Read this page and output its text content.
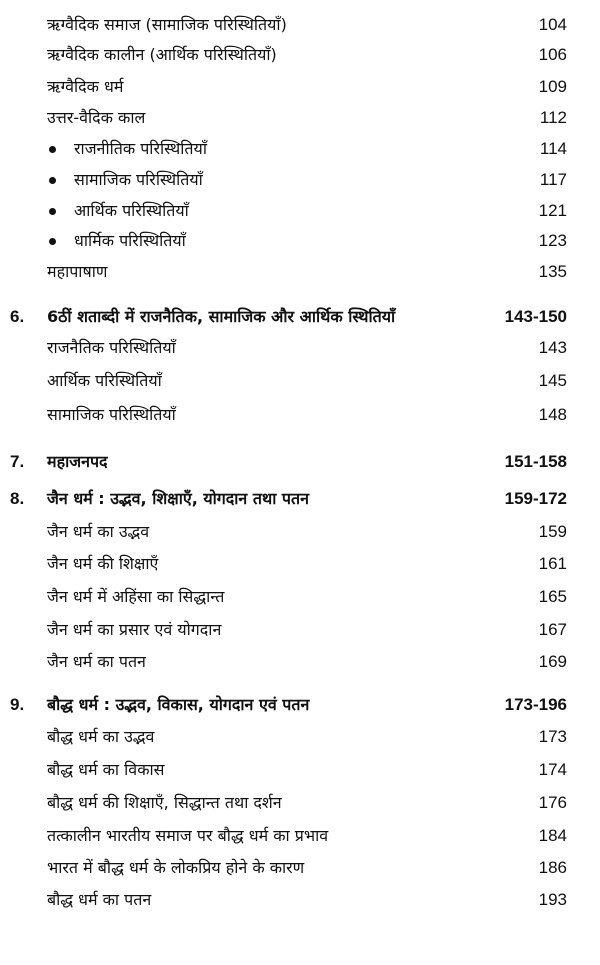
ऋग्वैदिक समाज (सामाजिक परिस्थितियाँ)	104
ऋग्वैदिक कालीन (आर्थिक परिस्थितियाँ)	106
ऋग्वैदिक धर्म	109
उत्तर-वैदिक काल	112
राजनीतिक परिस्थितियाँ	114
सामाजिक परिस्थितियाँ	117
आर्थिक परिस्थितियाँ	121
धार्मिक परिस्थितियाँ	123
महापाषाण	135
6. 6ठीं शताब्दी में राजनैतिक, सामाजिक और आर्थिक स्थितियाँ	143-150
राजनैतिक परिस्थितियाँ	143
आर्थिक परिस्थितियाँ	145
सामाजिक परिस्थितियाँ	148
7. महाजनपद	151-158
8. जैन धर्म : उद्भव, शिक्षाएँ, योगदान तथा पतन	159-172
जैन धर्म का उद्भव	159
जैन धर्म की शिक्षाएँ	161
जैन धर्म में अहिंसा का सिद्धान्त	165
जैन धर्म का प्रसार एवं योगदान	167
जैन धर्म का पतन	169
9. बौद्ध धर्म : उद्भव, विकास, योगदान एवं पतन	173-196
बौद्ध धर्म का उद्भव	173
बौद्ध धर्म का विकास	174
बौद्ध धर्म की शिक्षाएँ, सिद्धान्त तथा दर्शन	176
तत्कालीन भारतीय समाज पर बौद्ध धर्म का प्रभाव	184
भारत में बौद्ध धर्म के लोकप्रिय होने के कारण	186
बौद्ध धर्म का पतन	193
